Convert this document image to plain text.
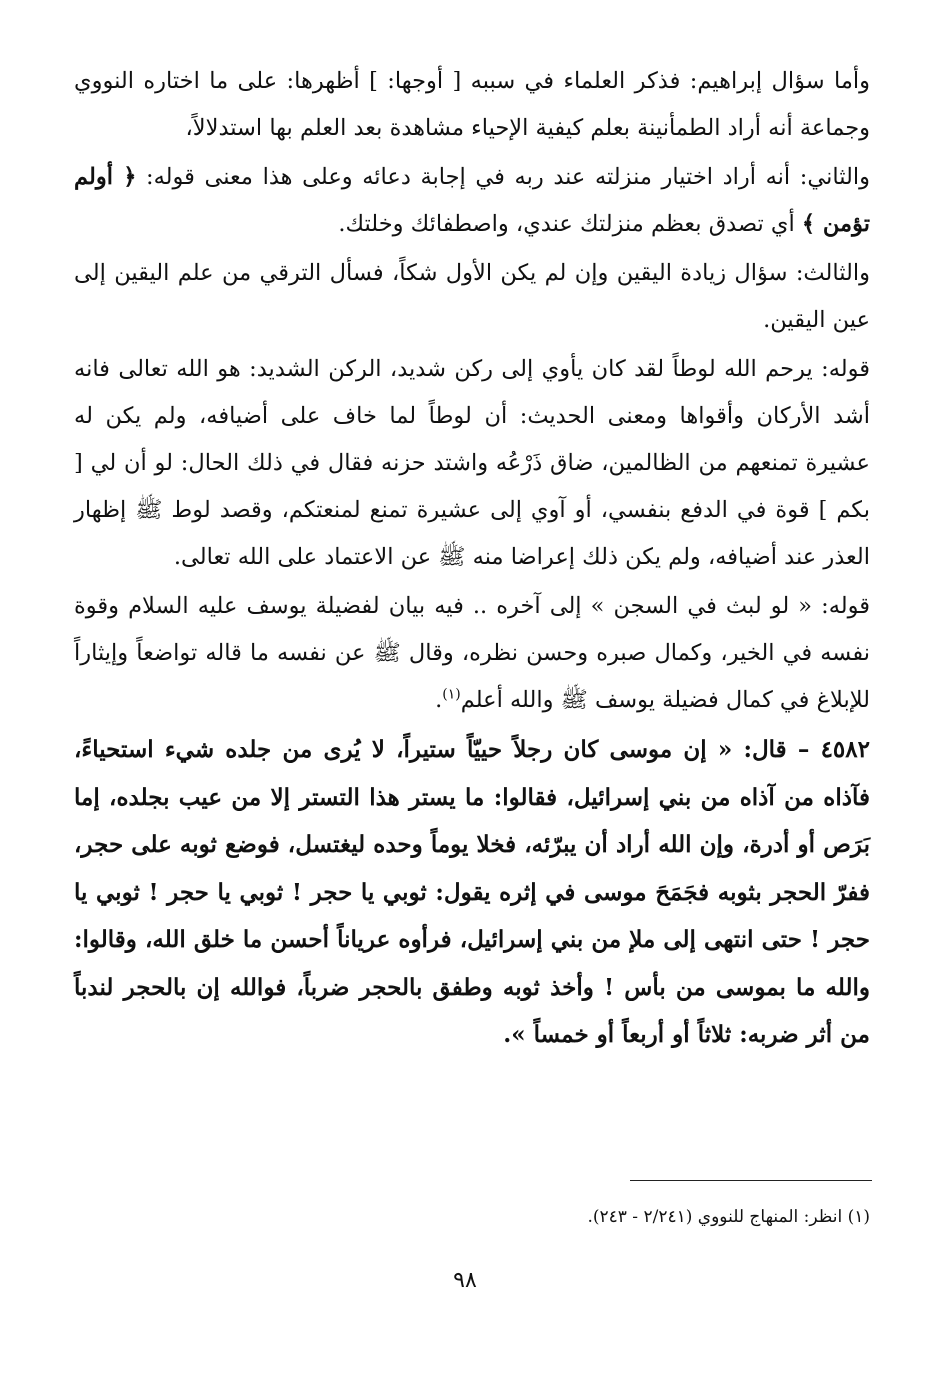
وأما سؤال إبراهيم: فذكر العلماء في سببه [ أوجها: ] أظهرها: على ما اختاره النووي وجماعة أنه أراد الطمأنينة بعلم كيفية الإحياء مشاهدة بعد العلم بها استدلالاً،

والثاني: أنه أراد اختيار منزلته عند ربه في إجابة دعائه وعلى هذا معنى قوله: ﴿ أولم تؤمن ﴾ أي تصدق بعظم منزلتك عندي، واصطفائك وخلتك.

والثالث: سؤال زيادة اليقين وإن لم يكن الأول شكاً، فسأل الترقي من علم اليقين إلى عين اليقين.

قوله: يرحم الله لوطاً لقد كان يأوي إلى ركن شديد، الركن الشديد: هو الله تعالى فانه أشد الأركان وأقواها ومعنى الحديث: أن لوطاً لما خاف على أضيافه، ولم يكن له عشيرة تمنعهم من الظالمين، ضاق ذَرْعُه واشتد حزنه فقال في ذلك الحال: لو أن لي [ بكم ] قوة في الدفع بنفسي، أو آوي إلى عشيرة تمنع لمنعتكم، وقصد لوط ﷺ إظهار العذر عند أضيافه، ولم يكن ذلك إعراضا منه ﷺ عن الاعتماد على الله تعالى.

قوله: « لو لبث في السجن » إلى آخره .. فيه بيان لفضيلة يوسف عليه السلام وقوة نفسه في الخير، وكمال صبره وحسن نظره، وقال ﷺ عن نفسه ما قاله تواضعاً وإيثاراً للإبلاغ في كمال فضيلة يوسف ﷺ والله أعلم$^{(١)}$.

٤٥٨٢ – قال: « إن موسى كان رجلاً حييّاً ستيراً، لا يُرى من جلده شيء استحياءً، فآذاه من آذاه من بني إسرائيل، فقالوا: ما يستر هذا التستر إلا من عيب بجلده، إما بَرَص أو أدرة، وإن الله أراد أن يبرّئه، فخلا يوماً وحده ليغتسل، فوضع ثوبه على حجر، ففرّ الحجر بثوبه فجَمَحَ موسى في إثره يقول: ثوبي يا حجر ! ثوبي يا حجر ! ثوبي يا حجر ! حتى انتهى إلى ملإ من بني إسرائيل، فرأوه عرياناً أحسن ما خلق الله، وقالوا: والله ما بموسى من بأس ! وأخذ ثوبه وطفق بالحجر ضرباً، فوالله إن بالحجر لندباً من أثر ضربه: ثلاثاً أو أربعاً أو خمساً ».

(١) انظر: المنهاج للنووي (٢/٢٤١ - ٢٤٣).
٩٨
